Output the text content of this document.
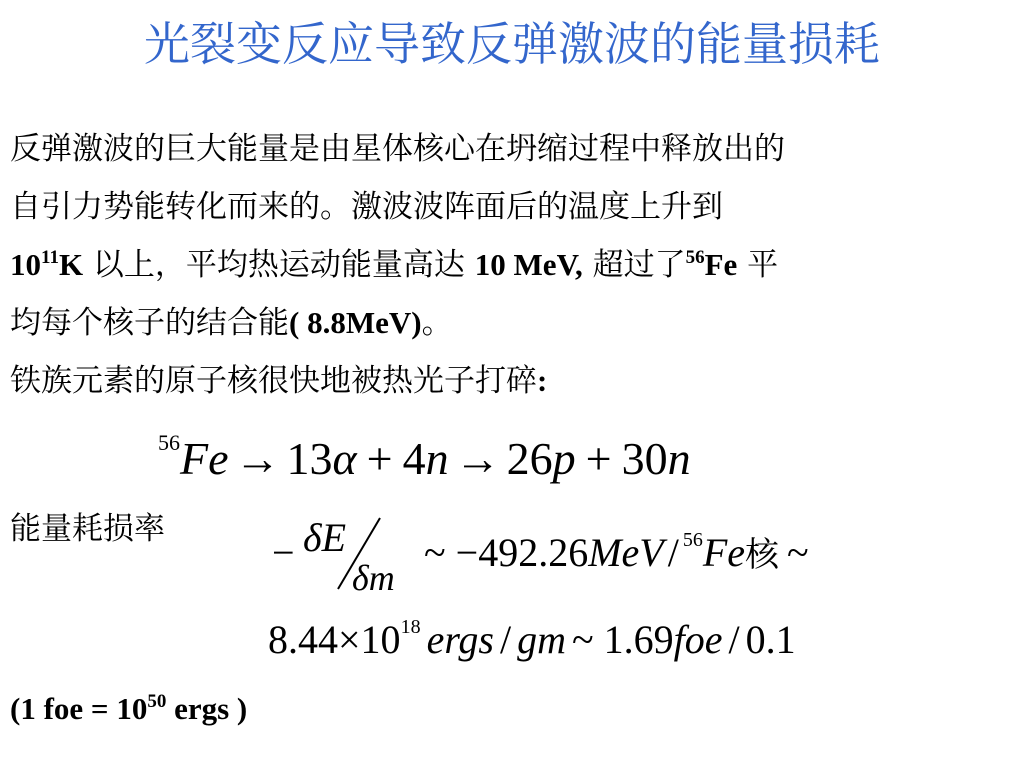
光裂变反应导致反弹激波的能量损耗
反弹激波的巨大能量是由星体核心在坍缩过程中释放出的
自引力势能转化而来的。激波波阵面后的温度上升到
$10^{11}K$ 以上，平均热运动能量高达 10 MeV, 超过了$^{56}$Fe 平
均每个核子的结合能( 8.8MeV)。
铁族元素的原子核很快地被热光子打碎:
$^{56}$Fe → 13α + 4n → 26p + 30n
能量耗损率
− δE
δm
~ −492.26MeV / $^{56}$Fe核 ~
$8.44\times 10^{18}$ ergs / gm ~ 1.69foe / 0.1
(1 foe = $10^{50}$ ergs )
